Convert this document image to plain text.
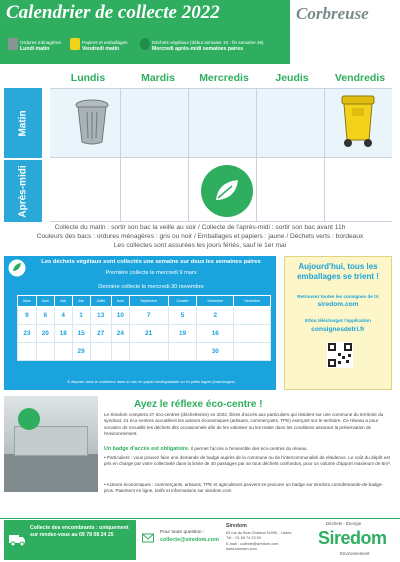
Calendrier de collecte 2022	Corbreuse
Ordures ménagères
Lundi matin
Papiers et emballages
Vendredi matin
Déchets végétaux (début semaine 10 - fin semaine 48)
Mercredi après-midi semaines paires
Lundis	Mardis	Mercredis	Jeudis	Vendredis
Matin
Après-midi
Collecte du matin : sortir son bac la veille au soir / Collecte de l'après-midi : sortir son bac avant 11h
Couleurs des bacs : ordures ménagères : gris ou noir / Emballages et papiers : jaune / Déchets verts : bordeaux
Les collectes sont assurées les jours fériés, sauf le 1er mai
Les déchets végétaux sont collectés une semaine sur deux les semaines paires
Première collecte le mercredi 9 mars
Dernière collecte le mercredi 30 novembre
Mars	Avril	Mai	Juin	Juillet	Août	Septembre	Octobre	Novembre	Décembre
9	6	4	1	13	10	7	5	2	
23	20	18	15	27	24	21	19	16	
			29					30	
À déposer dans le conteneur dans un sac en papier biodégradable ou en petits fagots (branchages)
Aujourd'hui, tous les emballages se trient !
Retrouvez toutes les consignes de tri
siredom.com
Et/ou téléchargez l'application
consignesdetri.fr
Ayez le réflexe éco-centre !
Le Siredom comptera 27 éco-centres (déchetteries) en 2022, libres d'accès aux particuliers qui résident sur une commune du territoire du syndicat. 21 éco-centres accueillent les acteurs économiques (artisans, commerçants, TPE) exerçant sur le territoire. Ce réseau a pour vocation de recueillir les déchets dits occasionnels afin de les valoriser ou les traiter dans les conditions assurant la préservation de l'environnement.
Un badge d'accès est obligatoire. Il permet l'accès à l'ensemble des éco-centres du réseau.
• Particuliers : vous pouvez faire une demande de badge auprès de la commune ou de l'intercommunalité de résidence. Le coût du dépôt est pris en charge par votre collectivité dans la limite de 40 passages par an tous déchets confondus, pour un volume d'apport maximum de 5m³.
• Acteurs économiques : commerçants, artisans, TPE et agriculteurs peuvent se procurer un badge sur siredom.com/demande-de-badge-pros. Paiement en ligne, tarifs et informations sur siredom.com
Collecte des encombrants : uniquement sur rendez-vous au 09 78 08 24 25	Pour toute question :
collecte@siredom.com
Siredom
63 rue du Bois Chaland 91090 - Lisses
Tél. : 01 69 74 23 50
E-mail : collecte@siredom.com
www.siredom.com
Déchets - Énergie
Siredom
Environnement
